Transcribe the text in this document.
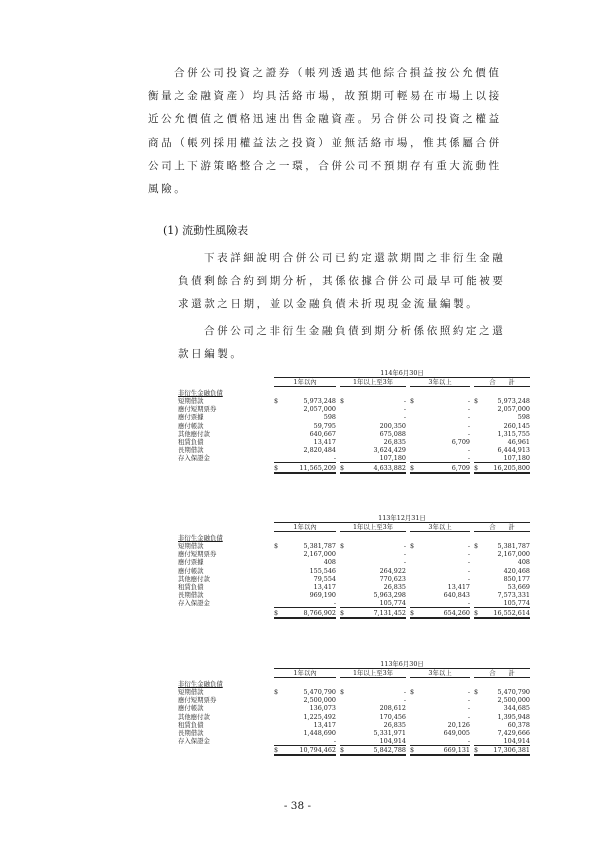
合併公司投資之證券（帳列透過其他綜合損益按公允價值
衡量之金融資產）均具活絡市場，故預期可輕易在市場上以接
近公允價值之價格迅速出售金融資產。另合併公司投資之權益
商品（帳列採用權益法之投資）並無活絡市場，惟其係屬合併
公司上下游策略整合之一環，合併公司不預期存有重大流動性
風險。
(1) 流動性風險表
下表詳細說明合併公司已約定還款期間之非衍生金融
負債剩餘合約到期分析，其係依據合併公司最早可能被要
求還款之日期，並以金融負債未折現現金流量編製。
合併公司之非衍生金融負債到期分析係依照約定之還
款日編製。
114年6月30日
1年以內	1年以上至3年	3年以上	合　　計
非衍生金融負債
短期借款	$	5,973,248 $	- $	- $	5,973,248
應付短期票券	2,057,000	-	-	2,057,000
應付票據	598	-	-	598
應付帳款	59,795	200,350	-	260,145
其他應付款	640,667	675,088	-	1,315,755
租賃負債	13,417	26,835	6,709	46,961
長期借款	2,820,484	3,624,429	-	6,444,913
存入保證金	-	107,180	-	107,180
$	11,565,209 $	4,633,882 $	6,709 $	16,205,800
113年12月31日
1年以內	1年以上至3年	3年以上	合　　計
非衍生金融負債
短期借款	$	5,381,787 $	- $	- $	5,381,787
應付短期票券	2,167,000	-	-	2,167,000
應付票據	408	-	-	408
應付帳款	155,546	264,922	-	420,468
其他應付款	79,554	770,623	-	850,177
租賃負債	13,417	26,835	13,417	53,669
長期借款	969,190	5,963,298	640,843	7,573,331
存入保證金	-	105,774	-	105,774
$	8,766,902 $	7,131,452 $	654,260 $	16,552,614
113年6月30日
1年以內	1年以上至3年	3年以上	合　　計
非衍生金融負債
短期借款	$	5,470,790 $	- $	- $	5,470,790
應付短期票券	2,500,000	-	-	2,500,000
應付帳款	136,073	208,612	-	344,685
其他應付款	1,225,492	170,456	-	1,395,948
租賃負債	13,417	26,835	20,126	60,378
長期借款	1,448,690	5,331,971	649,005	7,429,666
存入保證金	-	104,914	-	104,914
$	10,794,462 $	5,842,788 $	669,131 $	17,306,381
- 38 -
